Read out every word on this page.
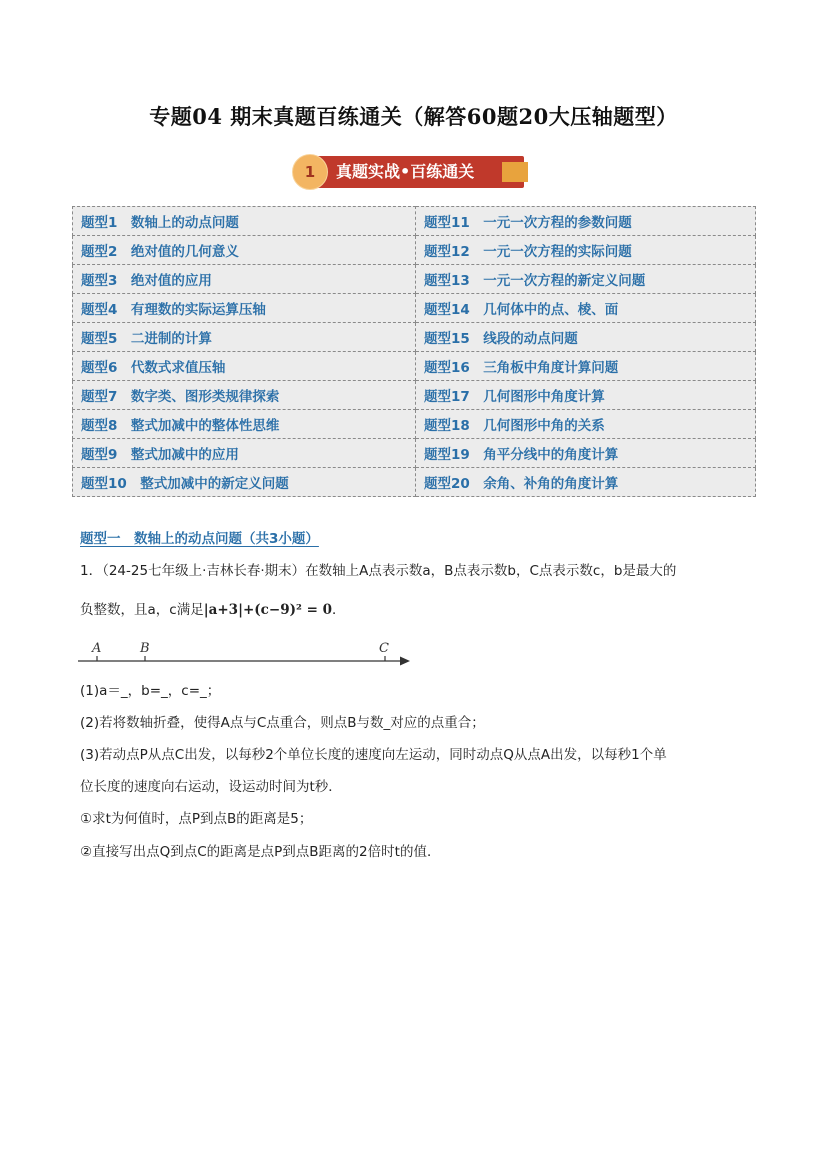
专题04 期末真题百练通关（解答60题20大压轴题型）
1	真题实战•百练通关
题型1　数轴上的动点问题	题型11　一元一次方程的参数问题
题型2　绝对值的几何意义	题型12　一元一次方程的实际问题
题型3　绝对值的应用	题型13　一元一次方程的新定义问题
题型4　有理数的实际运算压轴	题型14　几何体中的点、棱、面
题型5　二进制的计算	题型15　线段的动点问题
题型6　代数式求值压轴	题型16　三角板中角度计算问题
题型7　数字类、图形类规律探索	题型17　几何图形中角度计算
题型8　整式加减中的整体性思维	题型18　几何图形中角的关系
题型9　整式加减中的应用	题型19　角平分线中的角度计算
题型10　整式加减中的新定义问题	题型20　余角、补角的角度计算
题型一　数轴上的动点问题（共3小题）
1．（24-25七年级上·吉林长春·期末）在数轴上A点表示数a，B点表示数b，C点表示数c，b是最大的
负整数，且a，c满足|a+3|+(c−9)² = 0．
A	B	C
(1)a＝_，b=_，c=_；
(2)若将数轴折叠，使得A点与C点重合，则点B与数_对应的点重合；
(3)若动点P从点C出发，以每秒2个单位长度的速度向左运动，同时动点Q从点A出发，以每秒1个单
位长度的速度向右运动，设运动时间为t秒．
①求t为何值时，点P到点B的距离是5；
②直接写出点Q到点C的距离是点P到点B距离的2倍时t的值．
